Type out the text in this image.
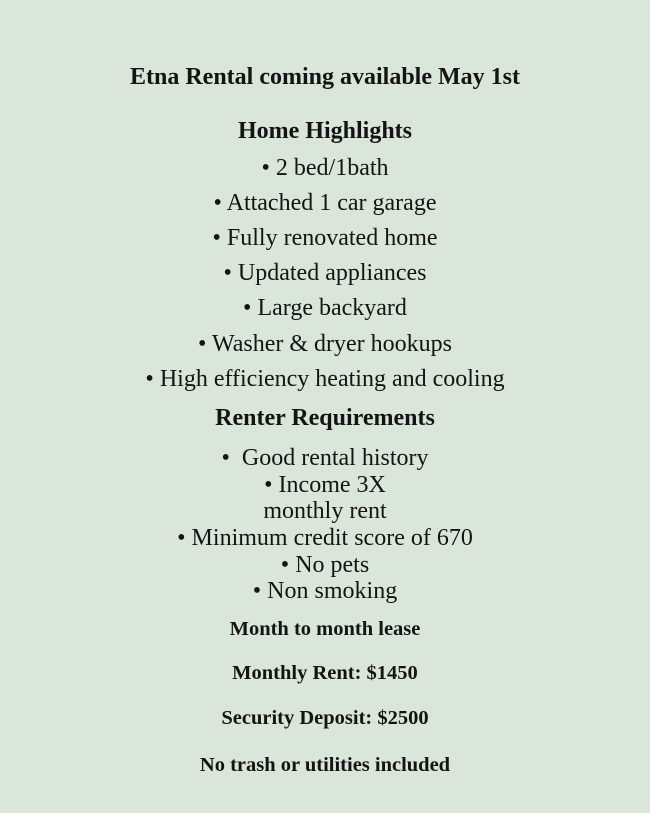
Etna Rental coming available May 1st
Home Highlights
• 2 bed/1bath
• Attached 1 car garage
• Fully renovated home
• Updated appliances
• Large backyard
• Washer & dryer hookups
• High efficiency heating and cooling
Renter Requirements
•  Good rental history
• Income 3X
monthly rent
• Minimum credit score of 670
• No pets
• Non smoking
Month to month lease
Monthly Rent: $1450
Security Deposit: $2500
No trash or utilities included
